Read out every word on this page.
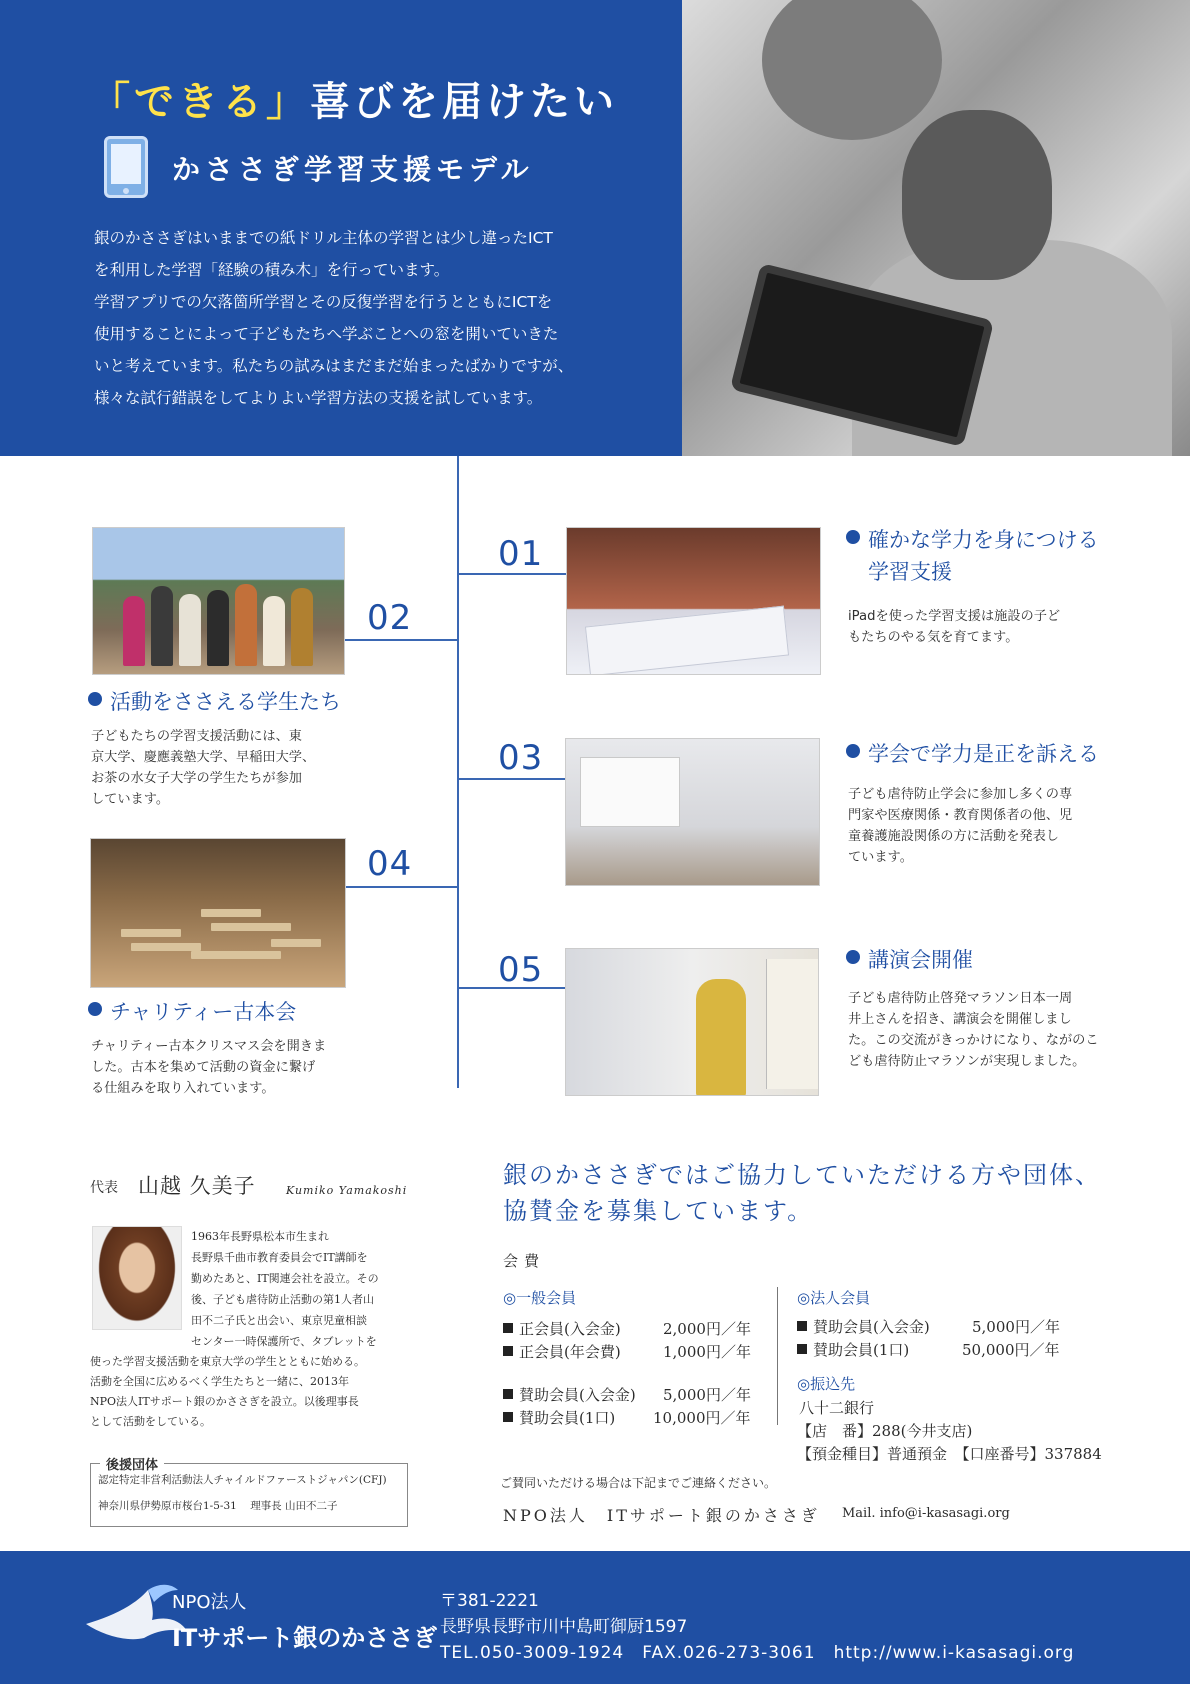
「できる」喜びを届けたい
かささぎ学習支援モデル

銀のかささぎはいままでの紙ドリル主体の学習とは少し違ったICT

を利用した学習「経験の積み木」を行っています。

学習アプリでの欠落箇所学習とその反復学習を行うとともにICTを

使用することによって子どもたちへ学ぶことへの窓を開いていきた

いと考えています。私たちの試みはまだまだ始まったばかりですが、

様々な試行錯誤をしてよりよい学習方法の支援を試しています。

01
02
03
04
05
確かな学力を身につける
学習支援

iPadを使った学習支援は施設の子ど

もたちのやる気を育てます。

活動をささえる学生たち

子どもたちの学習支援活動には、東

京大学、慶應義塾大学、早稲田大学、

お茶の水女子大学の学生たちが参加

しています。

学会で学力是正を訴える

子ども虐待防止学会に参加し多くの専

門家や医療関係・教育関係者の他、児

童養護施設関係の方に活動を発表し

ています。

チャリティー古本会

チャリティー古本クリスマス会を開きま

した。古本を集めて活動の資金に繋げ

る仕組みを取り入れています。

講演会開催

子ども虐待防止啓発マラソン日本一周

井上さんを招き、講演会を開催しまし

た。この交流がきっかけになり、ながのこ

ども虐待防止マラソンが実現しました。

代表 山越 久美子	Kumiko Yamakoshi

1963年長野県松本市生まれ

長野県千曲市教育委員会でIT講師を

勤めたあと、IT関連会社を設立。その

後、子ども虐待防止活動の第1人者山

田不二子氏と出会い、東京児童相談

センター一時保護所で、タブレットを

使った学習支援活動を東京大学の学生とともに始める。

活動を全国に広めるべく学生たちと一緒に、2013年

NPO法人ITサポート銀のかささぎを設立。以後理事長

として活動をしている。

後援団体
認定特定非営利活動法人チャイルドファーストジャパン(CFJ)
神奈川県伊勢原市桜台1-5-31 理事長 山田不二子

銀のかささぎではご協力していただける方や団体、

協賛金を募集しています。

会費
◎一般会員
正会員(入会金)	2,000円／年
正会員(年会費)	1,000円／年
賛助会員(入会金) 5,000円／年
賛助会員(1口)	10,000円／年
◎法人会員
賛助会員(入会金)	5,000円／年
賛助会員(1口)	50,000円／年
◎振込先
八十二銀行
【店　番】288(今井支店)
【預金種目】普通預金　【口座番号】337884
ご賛同いただける場合は下記までご連絡ください。
NPO法人　ITサポート銀のかささぎ Mail. info@i-kasasagi.org
NPO法人
ITサポート銀のかささぎ
〒381-2221
長野県長野市川中島町御厨1597
TEL.050-3009-1924　FAX.026-273-3061　http://www.i-kasasagi.org
